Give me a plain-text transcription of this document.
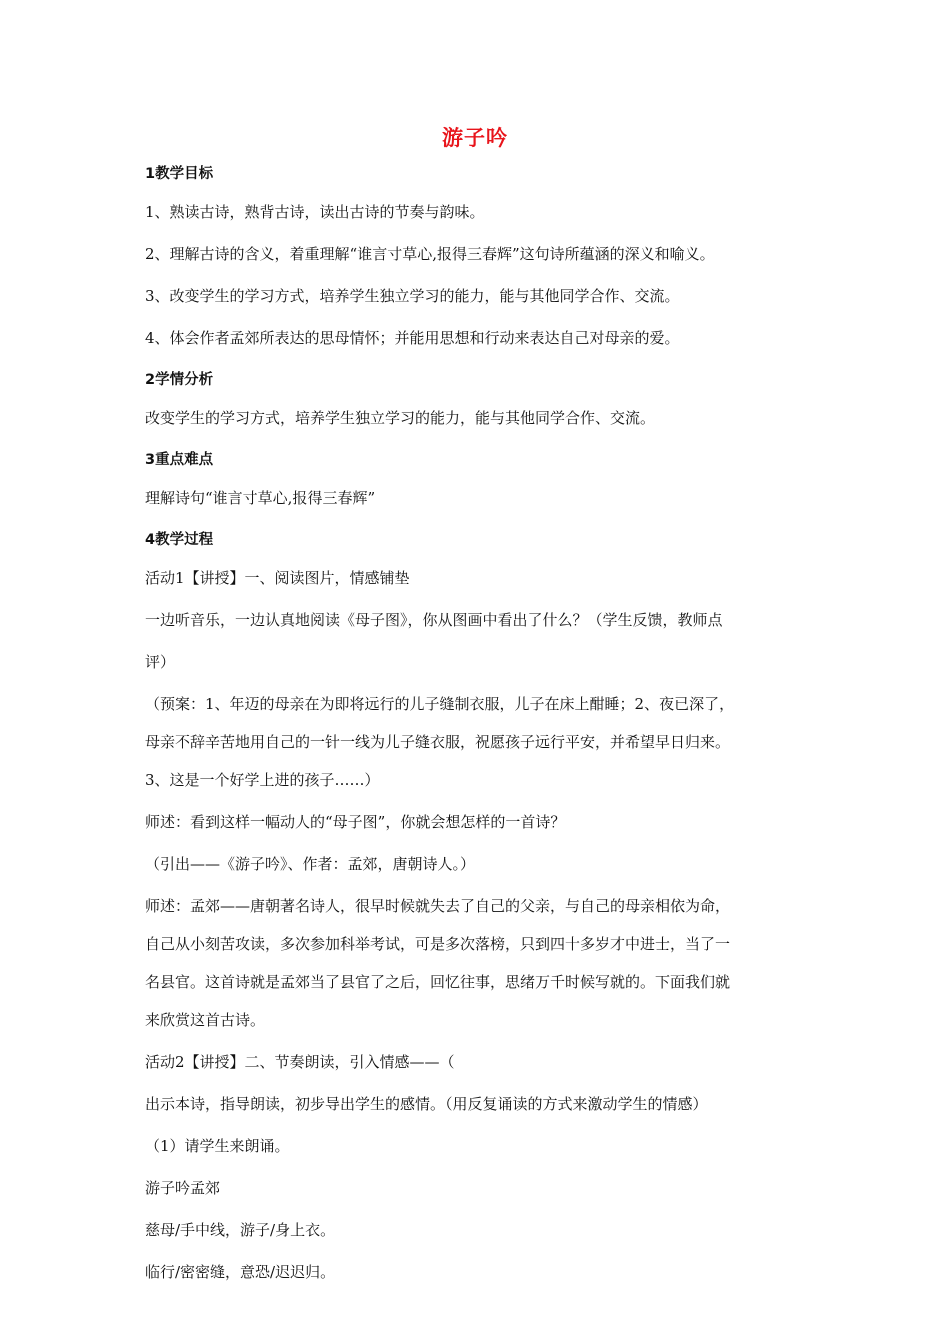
游子吟
1教学目标
1、熟读古诗，熟背古诗，读出古诗的节奏与韵味。
2、理解古诗的含义，着重理解“谁言寸草心,报得三春辉”这句诗所蕴涵的深义和喻义。
3、改变学生的学习方式，培养学生独立学习的能力，能与其他同学合作、交流。
4、体会作者孟郊所表达的思母情怀；并能用思想和行动来表达自己对母亲的爱。
2学情分析
改变学生的学习方式，培养学生独立学习的能力，能与其他同学合作、交流。
3重点难点
理解诗句“谁言寸草心,报得三春辉”
4教学过程
活动1【讲授】一、阅读图片，情感铺垫
一边听音乐，一边认真地阅读《母子图》，你从图画中看出了什么？（学生反馈，教师点
评）
（预案：1、年迈的母亲在为即将远行的儿子缝制衣服，儿子在床上酣睡；2、夜已深了，
母亲不辞辛苦地用自己的一针一线为儿子缝衣服，祝愿孩子远行平安，并希望早日归来。
3、这是一个好学上进的孩子……）
师述：看到这样一幅动人的“母子图”，你就会想怎样的一首诗？
（引出——《游子吟》、作者：孟郊，唐朝诗人。）
师述：孟郊——唐朝著名诗人，很早时候就失去了自己的父亲，与自己的母亲相依为命，
自己从小刻苦攻读，多次参加科举考试，可是多次落榜，只到四十多岁才中进士，当了一
名县官。这首诗就是孟郊当了县官了之后，回忆往事，思绪万千时候写就的。下面我们就
来欣赏这首古诗。
活动2【讲授】二、节奏朗读，引入情感——（
出示本诗，指导朗读，初步导出学生的感情。（用反复诵读的方式来激动学生的情感）
（1）请学生来朗诵。
游子吟孟郊
慈母/手中线，游子/身上衣。
临行/密密缝，意恐/迟迟归。
